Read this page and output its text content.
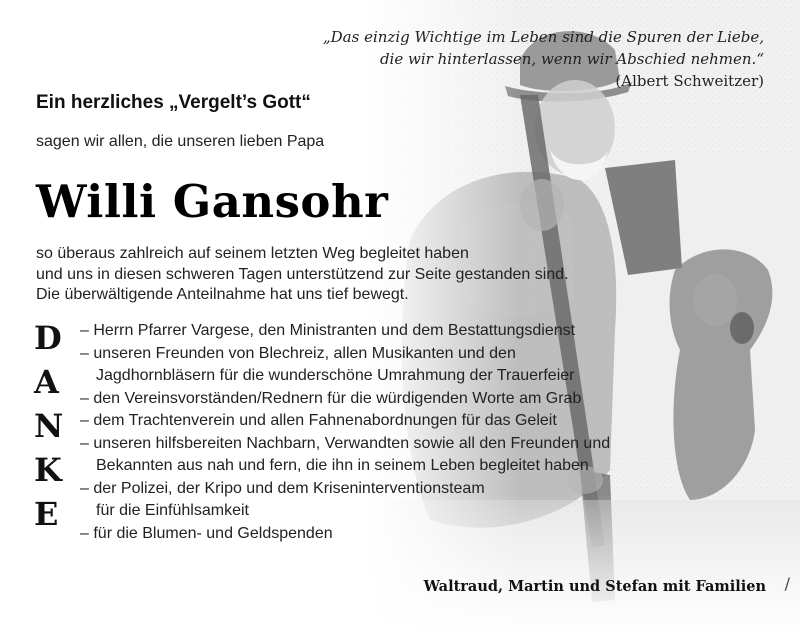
„Das einzig Wichtige im Leben sind die Spuren der Liebe,
die wir hinterlassen, wenn wir Abschied nehmen.“
(Albert Schweitzer)
Ein herzliches „Vergelt’s Gott“
sagen wir allen, die unseren lieben Papa
Willi Gansohr
so überaus zahlreich auf seinem letzten Weg begleitet haben
und uns in diesen schweren Tagen unterstützend zur Seite gestanden sind.
Die überwältigende Anteilnahme hat uns tief bewegt.
D
A
N
K
E
– Herrn Pfarrer Vargese, den Ministranten und dem Bestattungsdienst
– unseren Freunden von Blechreiz, allen Musikanten und den
Jagdhornbläsern für die wunderschöne Umrahmung der Trauerfeier
– den Vereinsvorständen/Rednern für die würdigenden Worte am Grab
– dem Trachtenverein und allen Fahnenabordnungen für das Geleit
– unseren hilfsbereiten Nachbarn, Verwandten sowie all den Freunden und
Bekannten aus nah und fern, die ihn in seinem Leben begleitet haben
– der Polizei, der Kripo und dem Kriseninterventionsteam
für die Einfühlsamkeit
– für die Blumen- und Geldspenden
Waltraud, Martin und Stefan mit Familien /
